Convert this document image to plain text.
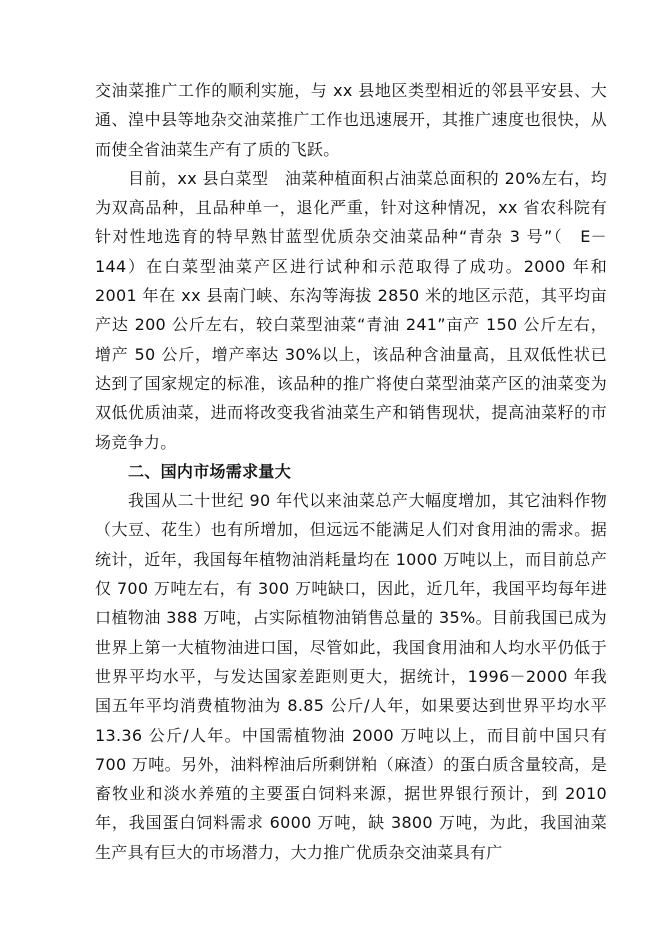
交油菜推广工作的顺利实施，与 xx 县地区类型相近的邻县平安县、大通、湟中县等地杂交油菜推广工作也迅速展开，其推广速度也很快，从而使全省油菜生产有了质的飞跃。

目前，xx 县白菜型　油菜种植面积占油菜总面积的 20%左右，均为双高品种，且品种单一，退化严重，针对这种情况，xx 省农科院有针对性地选育的特早熟甘蓝型优质杂交油菜品种“青杂 3 号”（　E－144）在白菜型油菜产区进行试种和示范取得了成功。2000 年和 2001 年在 xx 县南门峡、东沟等海拔 2850 米的地区示范，其平均亩产达 200 公斤左右，较白菜型油菜“青油 241”亩产 150 公斤左右，增产 50 公斤，增产率达 30%以上，该品种含油量高，且双低性状已达到了国家规定的标准，该品种的推广将使白菜型油菜产区的油菜变为双低优质油菜，进而将改变我省油菜生产和销售现状，提高油菜籽的市场竞争力。

二、国内市场需求量大

我国从二十世纪 90 年代以来油菜总产大幅度增加，其它油料作物（大豆、花生）也有所增加，但远远不能满足人们对食用油的需求。据统计，近年，我国每年植物油消耗量均在 1000 万吨以上，而目前总产仅 700 万吨左右，有 300 万吨缺口，因此，近几年，我国平均每年进口植物油 388 万吨，占实际植物油销售总量的 35%。目前我国已成为世界上第一大植物油进口国，尽管如此，我国食用油和人均水平仍低于世界平均水平，与发达国家差距则更大，据统计，1996－2000 年我国五年平均消费植物油为 8.85 公斤/人年，如果要达到世界平均水平 13.36 公斤/人年。中国需植物油 2000 万吨以上，而目前中国只有 700 万吨。另外，油料榨油后所剩饼粕（麻渣）的蛋白质含量较高，是畜牧业和淡水养殖的主要蛋白饲料来源，据世界银行预计，到 2010 年，我国蛋白饲料需求 6000 万吨，缺 3800 万吨，为此，我国油菜生产具有巨大的市场潜力，大力推广优质杂交油菜具有广
